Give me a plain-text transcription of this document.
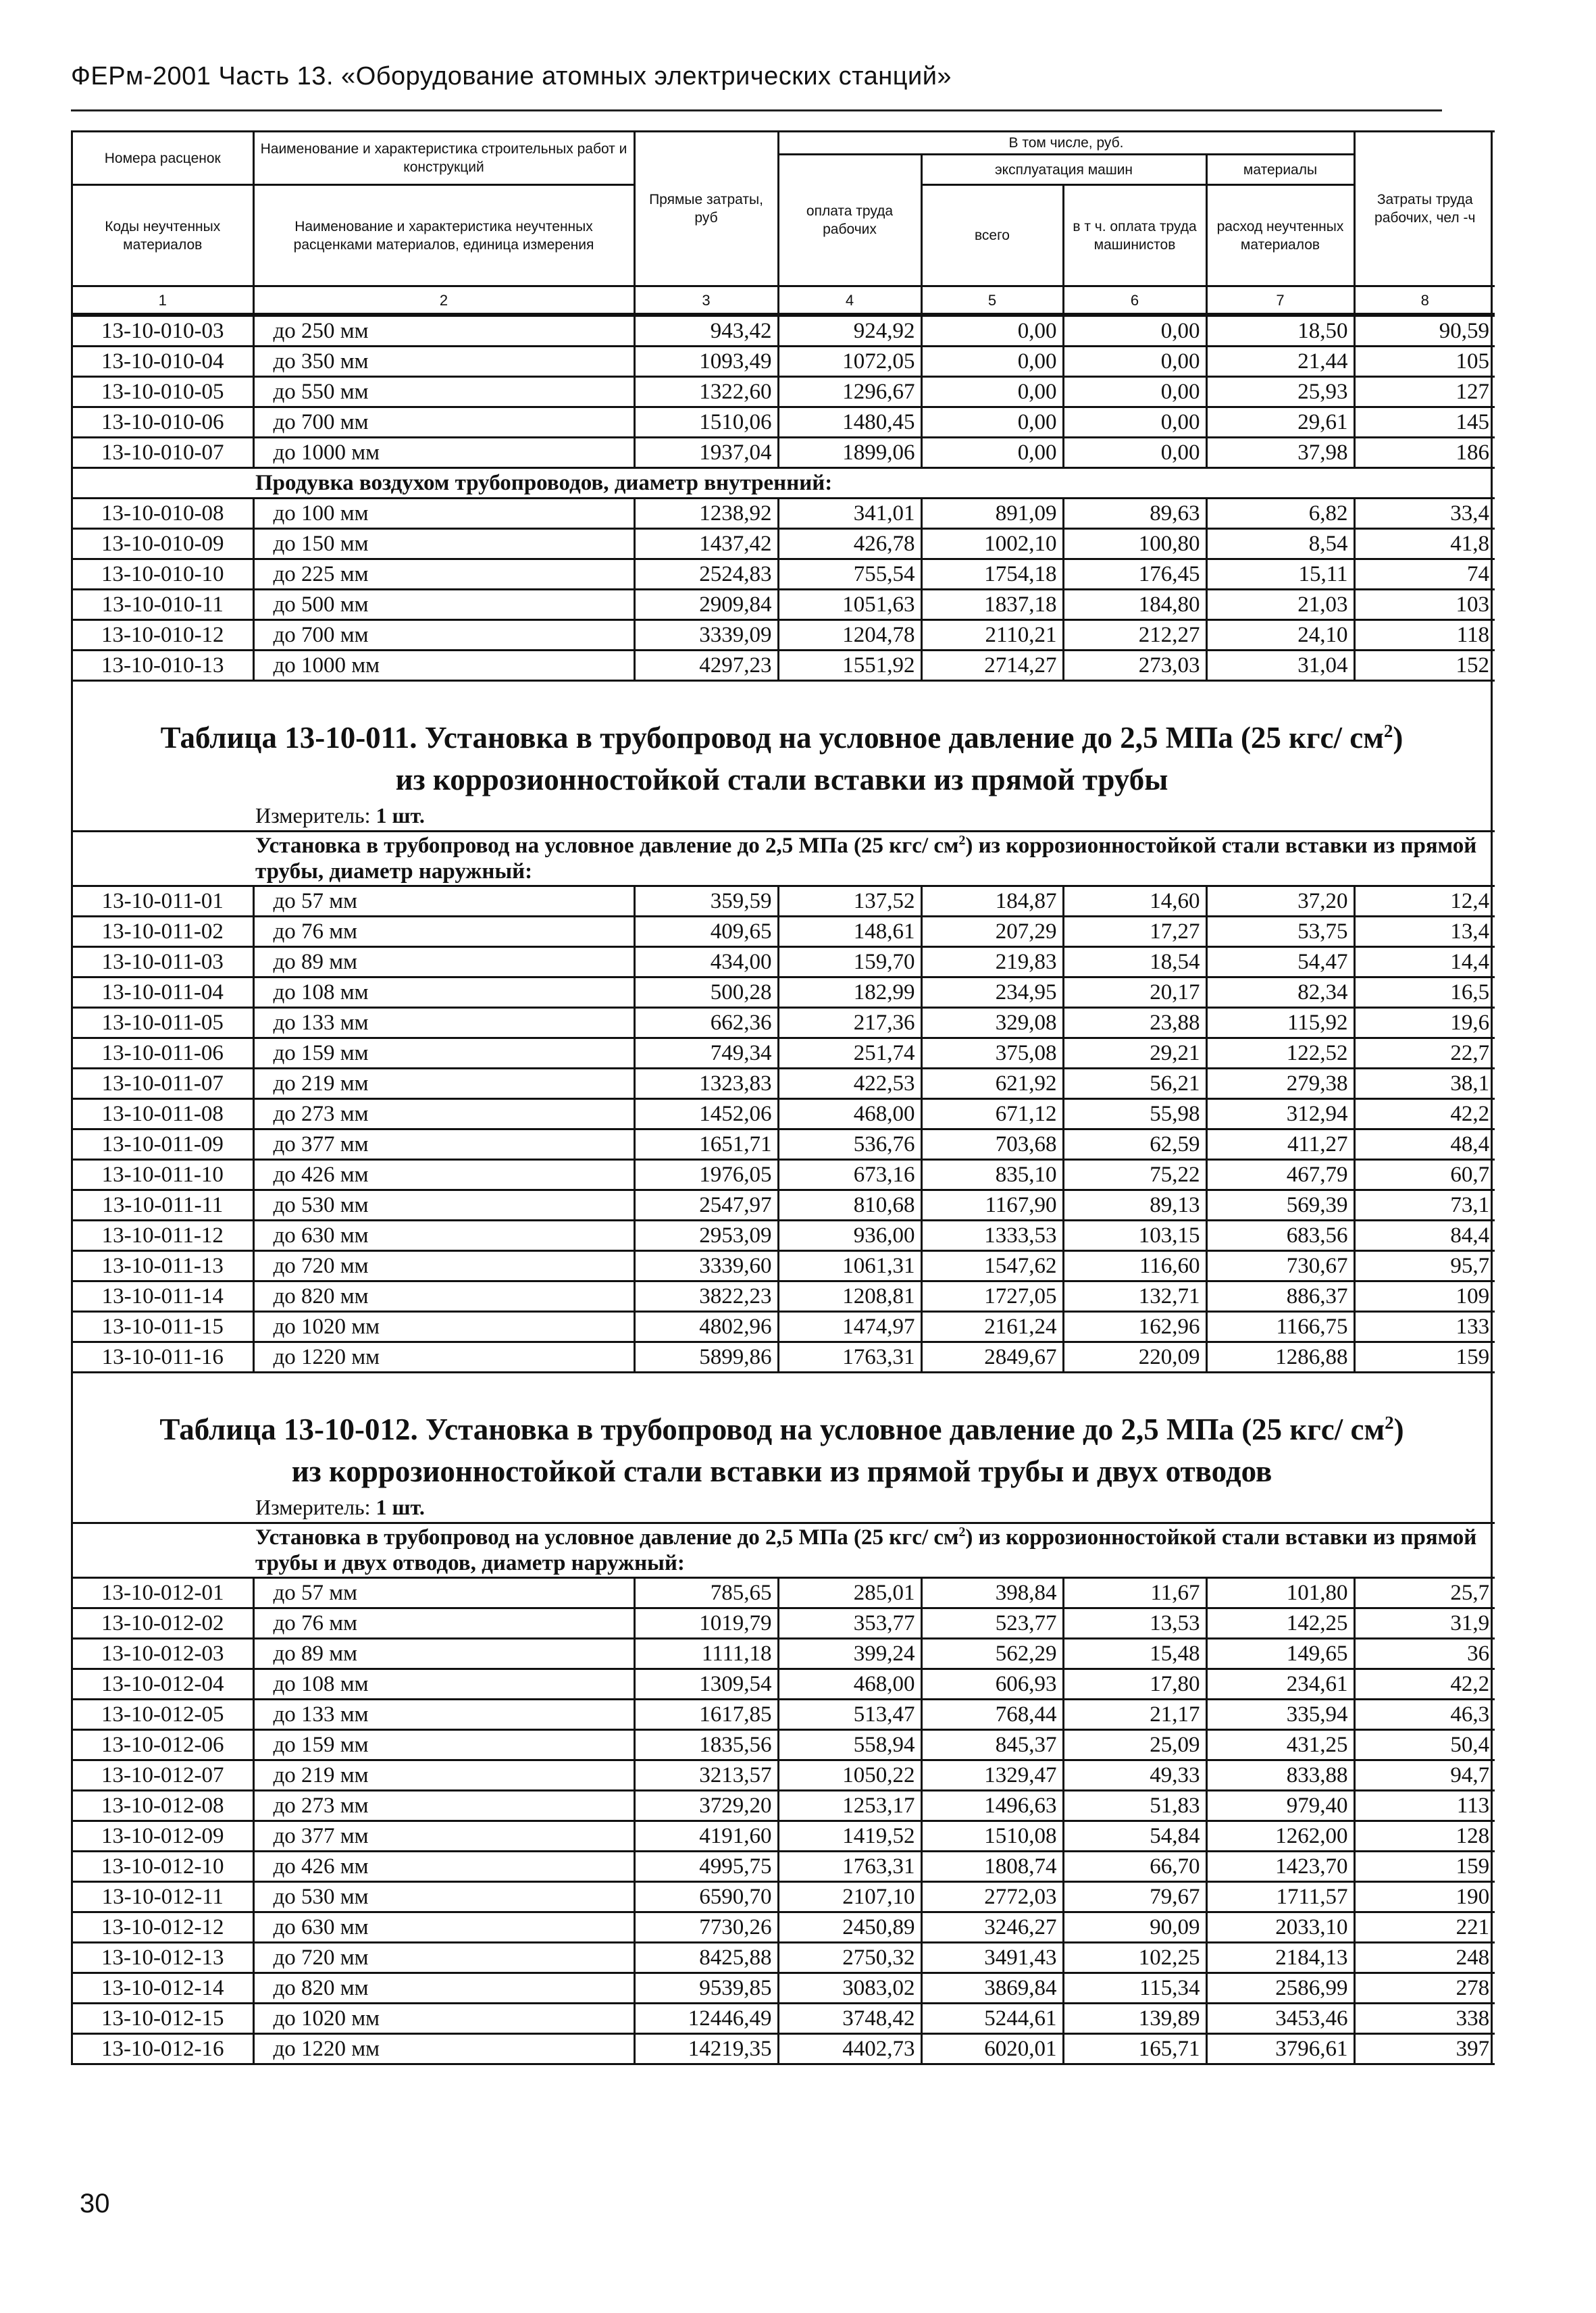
ФЕРм-2001 Часть 13. «Оборудование атомных электрических станций»
Номера расценок	Наименование и характеристика строительных работ и конструкций	Прямые затраты, руб	В том числе, руб.				Затраты труда рабочих, чел -ч
			оплата труда рабочих	эксплуатация машин		материалы	
Коды неучтенных материалов	Наименование и характеристика неучтенных расценками материалов, единица измерения			всего	в т ч. оплата труда машинистов	расход неучтенных материалов	
1	2	3	4	5	6	7	8
13-10-010-03	до 250 мм	943,42	924,92	0,00	0,00	18,50	90,59
13-10-010-04	до 350 мм	1093,49	1072,05	0,00	0,00	21,44	105
13-10-010-05	до 550 мм	1322,60	1296,67	0,00	0,00	25,93	127
13-10-010-06	до 700 мм	1510,06	1480,45	0,00	0,00	29,61	145
13-10-010-07	до 1000 мм	1937,04	1899,06	0,00	0,00	37,98	186
Продувка воздухом трубопроводов, диаметр внутренний:							
13-10-010-08	до 100 мм	1238,92	341,01	891,09	89,63	6,82	33,4
13-10-010-09	до 150 мм	1437,42	426,78	1002,10	100,80	8,54	41,8
13-10-010-10	до 225 мм	2524,83	755,54	1754,18	176,45	15,11	74
13-10-010-11	до 500 мм	2909,84	1051,63	1837,18	184,80	21,03	103
13-10-010-12	до 700 мм	3339,09	1204,78	2110,21	212,27	24,10	118
13-10-010-13	до 1000 мм	4297,23	1551,92	2714,27	273,03	31,04	152
Таблица 13-10-011. Установка в трубопровод на условное давление до 2,5 МПа (25 кгс/ $см^2$)
из коррозионностойкой стали вставки из прямой трубы
Измеритель: 1 шт.
Установка в трубопровод на условное давление до 2,5 МПа (25 кгс/ $см^2$) из коррозионностойкой стали вставки из прямой трубы, диаметр наружный:							
13-10-011-01	до 57 мм	359,59	137,52	184,87	14,60	37,20	12,4
13-10-011-02	до 76 мм	409,65	148,61	207,29	17,27	53,75	13,4
13-10-011-03	до 89 мм	434,00	159,70	219,83	18,54	54,47	14,4
13-10-011-04	до 108 мм	500,28	182,99	234,95	20,17	82,34	16,5
13-10-011-05	до 133 мм	662,36	217,36	329,08	23,88	115,92	19,6
13-10-011-06	до 159 мм	749,34	251,74	375,08	29,21	122,52	22,7
13-10-011-07	до 219 мм	1323,83	422,53	621,92	56,21	279,38	38,1
13-10-011-08	до 273 мм	1452,06	468,00	671,12	55,98	312,94	42,2
13-10-011-09	до 377 мм	1651,71	536,76	703,68	62,59	411,27	48,4
13-10-011-10	до 426 мм	1976,05	673,16	835,10	75,22	467,79	60,7
13-10-011-11	до 530 мм	2547,97	810,68	1167,90	89,13	569,39	73,1
13-10-011-12	до 630 мм	2953,09	936,00	1333,53	103,15	683,56	84,4
13-10-011-13	до 720 мм	3339,60	1061,31	1547,62	116,60	730,67	95,7
13-10-011-14	до 820 мм	3822,23	1208,81	1727,05	132,71	886,37	109
13-10-011-15	до 1020 мм	4802,96	1474,97	2161,24	162,96	1166,75	133
13-10-011-16	до 1220 мм	5899,86	1763,31	2849,67	220,09	1286,88	159
Таблица 13-10-012. Установка в трубопровод на условное давление до 2,5 МПа (25 кгс/ $см^2$)
из коррозионностойкой стали вставки из прямой трубы и двух отводов
Измеритель: 1 шт.
Установка в трубопровод на условное давление до 2,5 МПа (25 кгс/ $см^2$) из коррозионностойкой стали вставки из прямой трубы и двух отводов, диаметр наружный:							
13-10-012-01	до 57 мм	785,65	285,01	398,84	11,67	101,80	25,7
13-10-012-02	до 76 мм	1019,79	353,77	523,77	13,53	142,25	31,9
13-10-012-03	до 89 мм	1111,18	399,24	562,29	15,48	149,65	36
13-10-012-04	до 108 мм	1309,54	468,00	606,93	17,80	234,61	42,2
13-10-012-05	до 133 мм	1617,85	513,47	768,44	21,17	335,94	46,3
13-10-012-06	до 159 мм	1835,56	558,94	845,37	25,09	431,25	50,4
13-10-012-07	до 219 мм	3213,57	1050,22	1329,47	49,33	833,88	94,7
13-10-012-08	до 273 мм	3729,20	1253,17	1496,63	51,83	979,40	113
13-10-012-09	до 377 мм	4191,60	1419,52	1510,08	54,84	1262,00	128
13-10-012-10	до 426 мм	4995,75	1763,31	1808,74	66,70	1423,70	159
13-10-012-11	до 530 мм	6590,70	2107,10	2772,03	79,67	1711,57	190
13-10-012-12	до 630 мм	7730,26	2450,89	3246,27	90,09	2033,10	221
13-10-012-13	до 720 мм	8425,88	2750,32	3491,43	102,25	2184,13	248
13-10-012-14	до 820 мм	9539,85	3083,02	3869,84	115,34	2586,99	278
13-10-012-15	до 1020 мм	12446,49	3748,42	5244,61	139,89	3453,46	338
13-10-012-16	до 1220 мм	14219,35	4402,73	6020,01	165,71	3796,61	397
30
